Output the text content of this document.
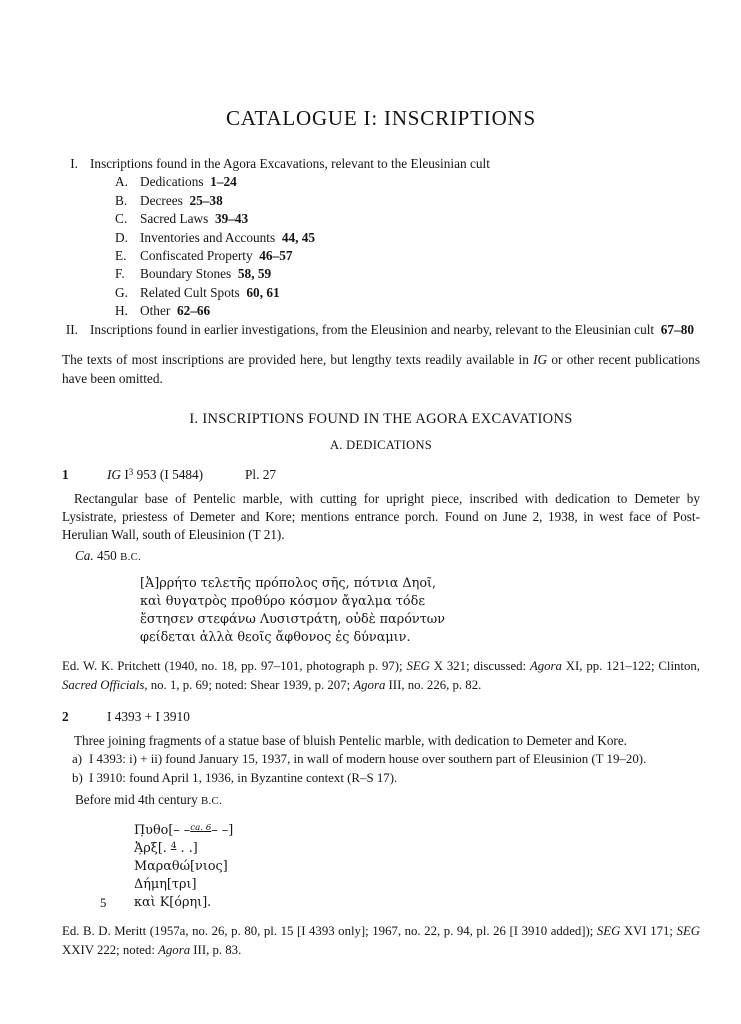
CATALOGUE I: INSCRIPTIONS
I. Inscriptions found in the Agora Excavations, relevant to the Eleusinian cult
A. Dedications 1–24
B. Decrees 25–38
C. Sacred Laws 39–43
D. Inventories and Accounts 44, 45
E.	Confiscated Property 46–57
F.	Boundary Stones 58, 59
G. Related Cult Spots 60, 61
H. Other 62–66
II. Inscriptions found in earlier investigations, from the Eleusinion and nearby, relevant to the Eleusinian cult 67–80

The texts of most inscriptions are provided here, but lengthy texts readily available in IG or other recent publications have been omitted.

I. INSCRIPTIONS FOUND IN THE AGORA EXCAVATIONS
A. DEDICATIONS
1	IG $I^3$ 953 (I 5484)	Pl. 27

Rectangular base of Pentelic marble, with cutting for upright piece, inscribed with dedication to Demeter by Lysistrate, priestess of Demeter and Kore; mentions entrance porch. Found on June 2, 1938, in west face of Post-Herulian Wall, south of Eleusinion (T 21).

Ca. 450 B.C.

[Ἀ]ρρήτο τελετῆς πρόπολος σῆς, πότνια Δηοῖ,
καὶ θυγατρὸς προθύρο κόσμον ἄγαλμα τόδε
ἔστησεν στεφάνω Λυσιστράτη, οὐδὲ παρόντων
φείδεται ἀλλὰ θεοῖς ἄφθονος ἐς δύναμιν.

Ed. W. K. Pritchett (1940, no. 18, pp. 97–101, photograph p. 97); SEG X 321; discussed: Agora XI, pp. 121–122; Clinton, Sacred Officials, no. 1, p. 69; noted: Shear 1939, p. 207; Agora III, no. 226, p. 82.

2	I 4393 + I 3910

Three joining fragments of a statue base of bluish Pentelic marble, with dedication to Demeter and Kore.

a) I 4393: i) + ii) found January 15, 1937, in wall of modern house over southern part of Eleusinion (T 19–20).
b) I 3910: found April 1, 1936, in Byzantine context (R–S 17).

Before mid 4th century B.C.

Π̣υθο[– –$^{ca. 6}$– –]
Ἀ̣ρξ[. $^4$ . .]
Μαραθώ[νιος]
Δήμη[τρι]
5 καὶ Κ[όρηι].

Ed. B. D. Meritt (1957a, no. 26, p. 80, pl. 15 [I 4393 only]; 1967, no. 22, p. 94, pl. 26 [I 3910 added]); SEG XVI 171; SEG XXIV 222; noted: Agora III, p. 83.
